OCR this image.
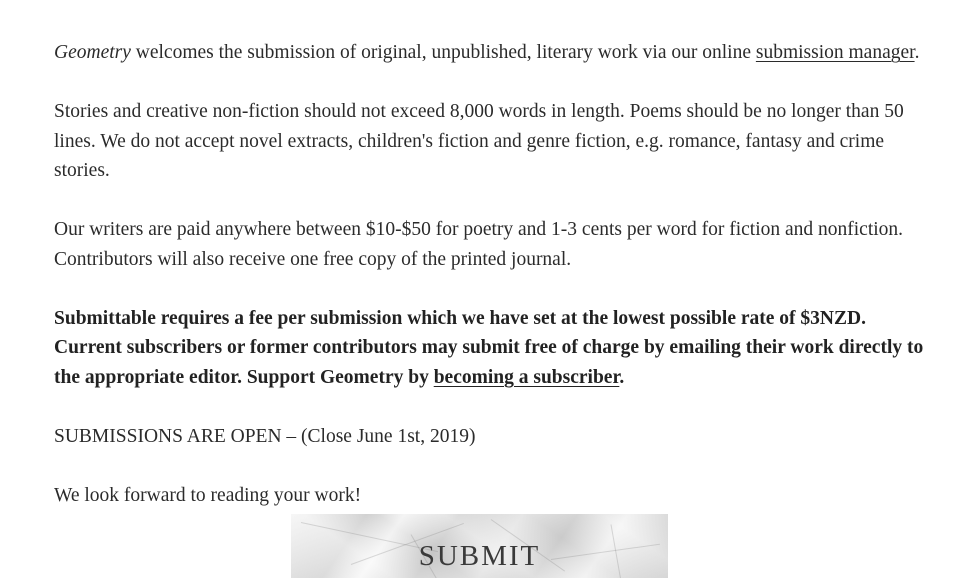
Geometry welcomes the submission of original, unpublished, literary work via our online submission manager.

Stories and creative non-fiction should not exceed 8,000 words in length. Poems should be no longer than 50 lines. We do not accept novel extracts, children's fiction and genre fiction, e.g. romance, fantasy and crime stories.

Our writers are paid anywhere between $10-$50 for poetry and 1-3 cents per word for fiction and nonfiction. Contributors will also receive one free copy of the printed journal.

Submittable requires a fee per submission which we have set at the lowest possible rate of $3NZD. Current subscribers or former contributors may submit free of charge by emailing their work directly to the appropriate editor. Support Geometry by becoming a subscriber.

SUBMISSIONS ARE OPEN – (Close June 1st, 2019)

We look forward to reading your work!

SUBMIT
